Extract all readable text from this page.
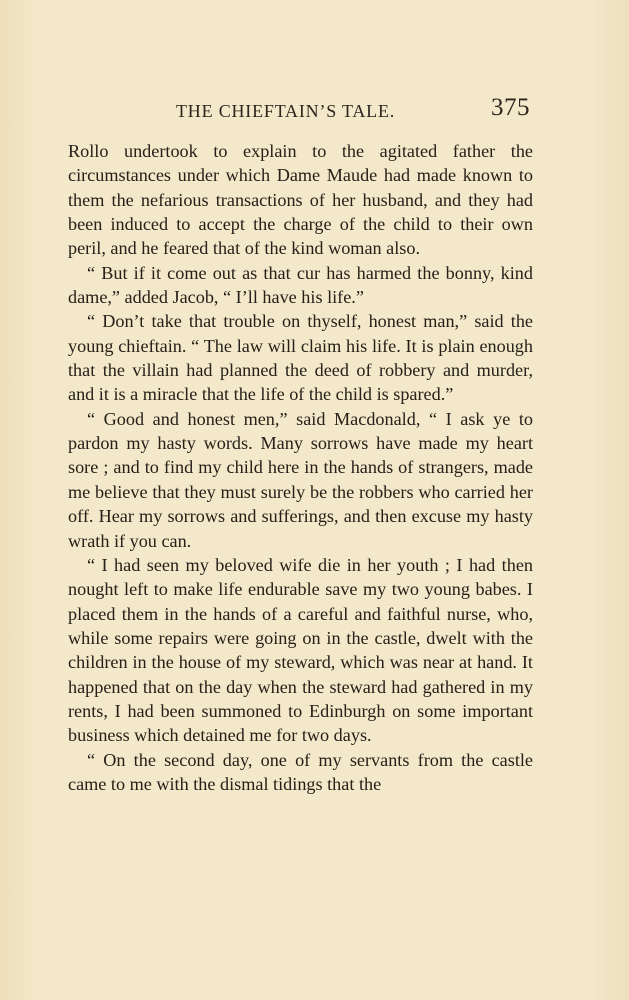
THE CHIEFTAIN’S TALE.	375

Rollo undertook to explain to the agitated father the circumstances under which Dame Maude had made known to them the nefarious transactions of her husband, and they had been induced to accept the charge of the child to their own peril, and he feared that of the kind woman also.

“ But if it come out as that cur has harmed the bonny, kind dame,” added Jacob, “ I’ll have his life.”

“ Don’t take that trouble on thyself, honest man,” said the young chieftain. “ The law will claim his life. It is plain enough that the villain had planned the deed of robbery and murder, and it is a miracle that the life of the child is spared.”

“ Good and honest men,” said Macdonald, “ I ask ye to pardon my hasty words. Many sorrows have made my heart sore ; and to find my child here in the hands of strangers, made me believe that they must surely be the robbers who carried her off. Hear my sorrows and sufferings, and then excuse my hasty wrath if you can.

“ I had seen my beloved wife die in her youth ; I had then nought left to make life endurable save my two young babes. I placed them in the hands of a careful and faithful nurse, who, while some repairs were going on in the castle, dwelt with the children in the house of my steward, which was near at hand. It happened that on the day when the steward had gathered in my rents, I had been summoned to Edinburgh on some important business which detained me for two days.

“ On the second day, one of my servants from the castle came to me with the dismal tidings that the
